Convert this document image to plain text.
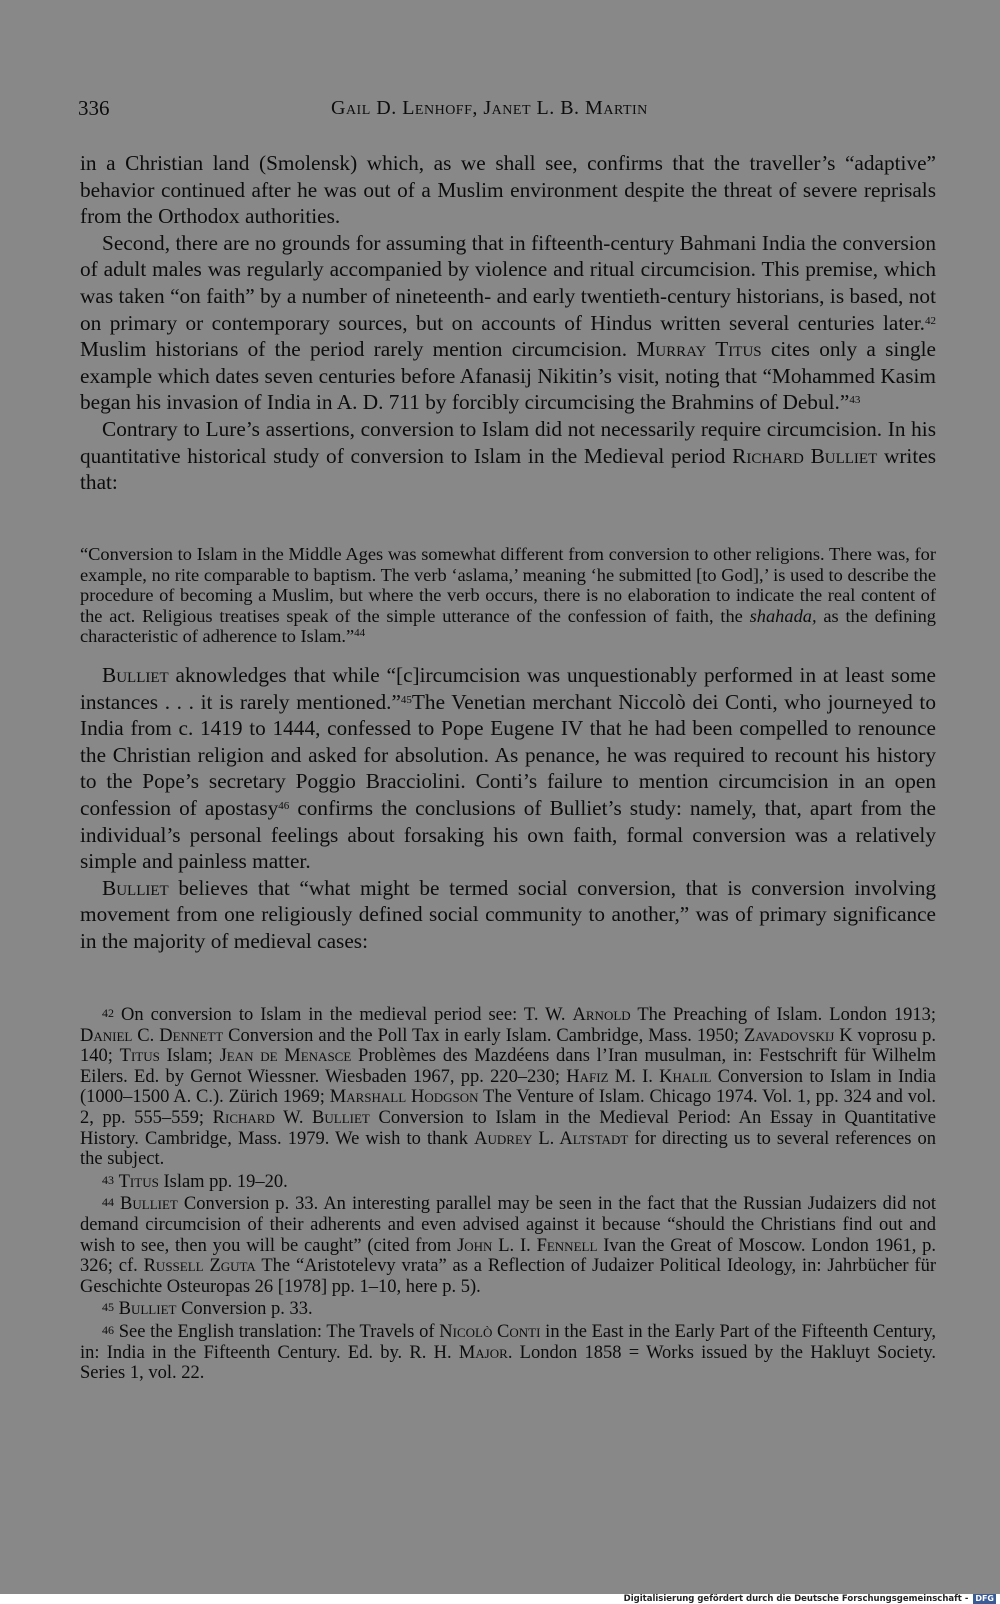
336	Gail D. Lenhoff, Janet L. B. Martin

in a Christian land (Smolensk) which, as we shall see, confirms that the traveller’s “adaptive” behavior continued after he was out of a Muslim environment despite the threat of severe reprisals from the Orthodox authorities.

Second, there are no grounds for assuming that in fifteenth-century Bahmani India the conversion of adult males was regularly accompanied by violence and ritual circumcision. This premise, which was taken “on faith” by a number of nineteenth- and early twentieth-century historians, is based, not on primary or contemporary sources, but on accounts of Hindus written several centuries later.$^{42}$ Muslim historians of the period rarely mention circumcision. Murray Titus cites only a single example which dates seven centuries before Afanasij Nikitin’s visit, noting that “Mohammed Kasim began his invasion of India in A. D. 711 by forcibly circumcising the Brahmins of Debul.”$^{43}$

Contrary to Lure’s assertions, conversion to Islam did not necessarily require circumcision. In his quantitative historical study of conversion to Islam in the Medieval period Richard Bulliet writes that:

“Conversion to Islam in the Middle Ages was somewhat different from conversion to other religions. There was, for example, no rite comparable to baptism. The verb ‘aslama,’ meaning ‘he submitted [to God],’ is used to describe the procedure of becoming a Muslim, but where the verb occurs, there is no elaboration to indicate the real content of the act. Religious treatises speak of the simple utterance of the confession of faith, the shahada, as the defining characteristic of adherence to Islam.”$^{44}$

Bulliet aknowledges that while “[c]ircumcision was unquestionably performed in at least some instances . . . it is rarely mentioned.”$^{45}$The Venetian merchant Niccolò dei Conti, who journeyed to India from c. 1419 to 1444, confessed to Pope Eugene IV that he had been compelled to renounce the Christian religion and asked for absolution. As penance, he was required to recount his history to the Pope’s secretary Poggio Bracciolini. Conti’s failure to mention circumcision in an open confession of apostasy$^{46}$ confirms the conclusions of Bulliet’s study: namely, that, apart from the individual’s personal feelings about forsaking his own faith, formal conversion was a relatively simple and painless matter.

Bulliet believes that “what might be termed social conversion, that is conversion involving movement from one religiously defined social community to another,” was of primary significance in the majority of medieval cases:

42 On conversion to Islam in the medieval period see: T. W. Arnold The Preaching of Islam. London 1913; Daniel C. Dennett Conversion and the Poll Tax in early Islam. Cambridge, Mass. 1950; Zavadovskij K voprosu p. 140; Titus Islam; Jean de Menasce Problèmes des Mazdéens dans l’Iran musulman, in: Festschrift für Wilhelm Eilers. Ed. by Gernot Wiessner. Wiesbaden 1967, pp. 220–230; Hafiz M. I. Khalil Conversion to Islam in India (1000–1500 A. C.). Zürich 1969; Marshall Hodgson The Venture of Islam. Chicago 1974. Vol. 1, pp. 324 and vol. 2, pp. 555–559; Richard W. Bulliet Conversion to Islam in the Medieval Period: An Essay in Quantitative History. Cambridge, Mass. 1979. We wish to thank Audrey L. Altstadt for directing us to several references on the subject.

43 Titus Islam pp. 19–20.

44 Bulliet Conversion p. 33. An interesting parallel may be seen in the fact that the Russian Judaizers did not demand circumcision of their adherents and even advised against it because “should the Christians find out and wish to see, then you will be caught” (cited from John L. I. Fennell Ivan the Great of Moscow. London 1961, p. 326; cf. Russell Zguta The “Aristotelevy vrata” as a Reflection of Judaizer Political Ideology, in: Jahrbücher für Geschichte Osteuropas 26 [1978] pp. 1–10, here p. 5).

45 Bulliet Conversion p. 33.

46 See the English translation: The Travels of Nicolò Conti in the East in the Early Part of the Fifteenth Century, in: India in the Fifteenth Century. Ed. by. R. H. Major. London 1858 = Works issued by the Hakluyt Society. Series 1, vol. 22.

Digitalisierung gefördert durch die Deutsche Forschungsgemeinschaft - DFG
